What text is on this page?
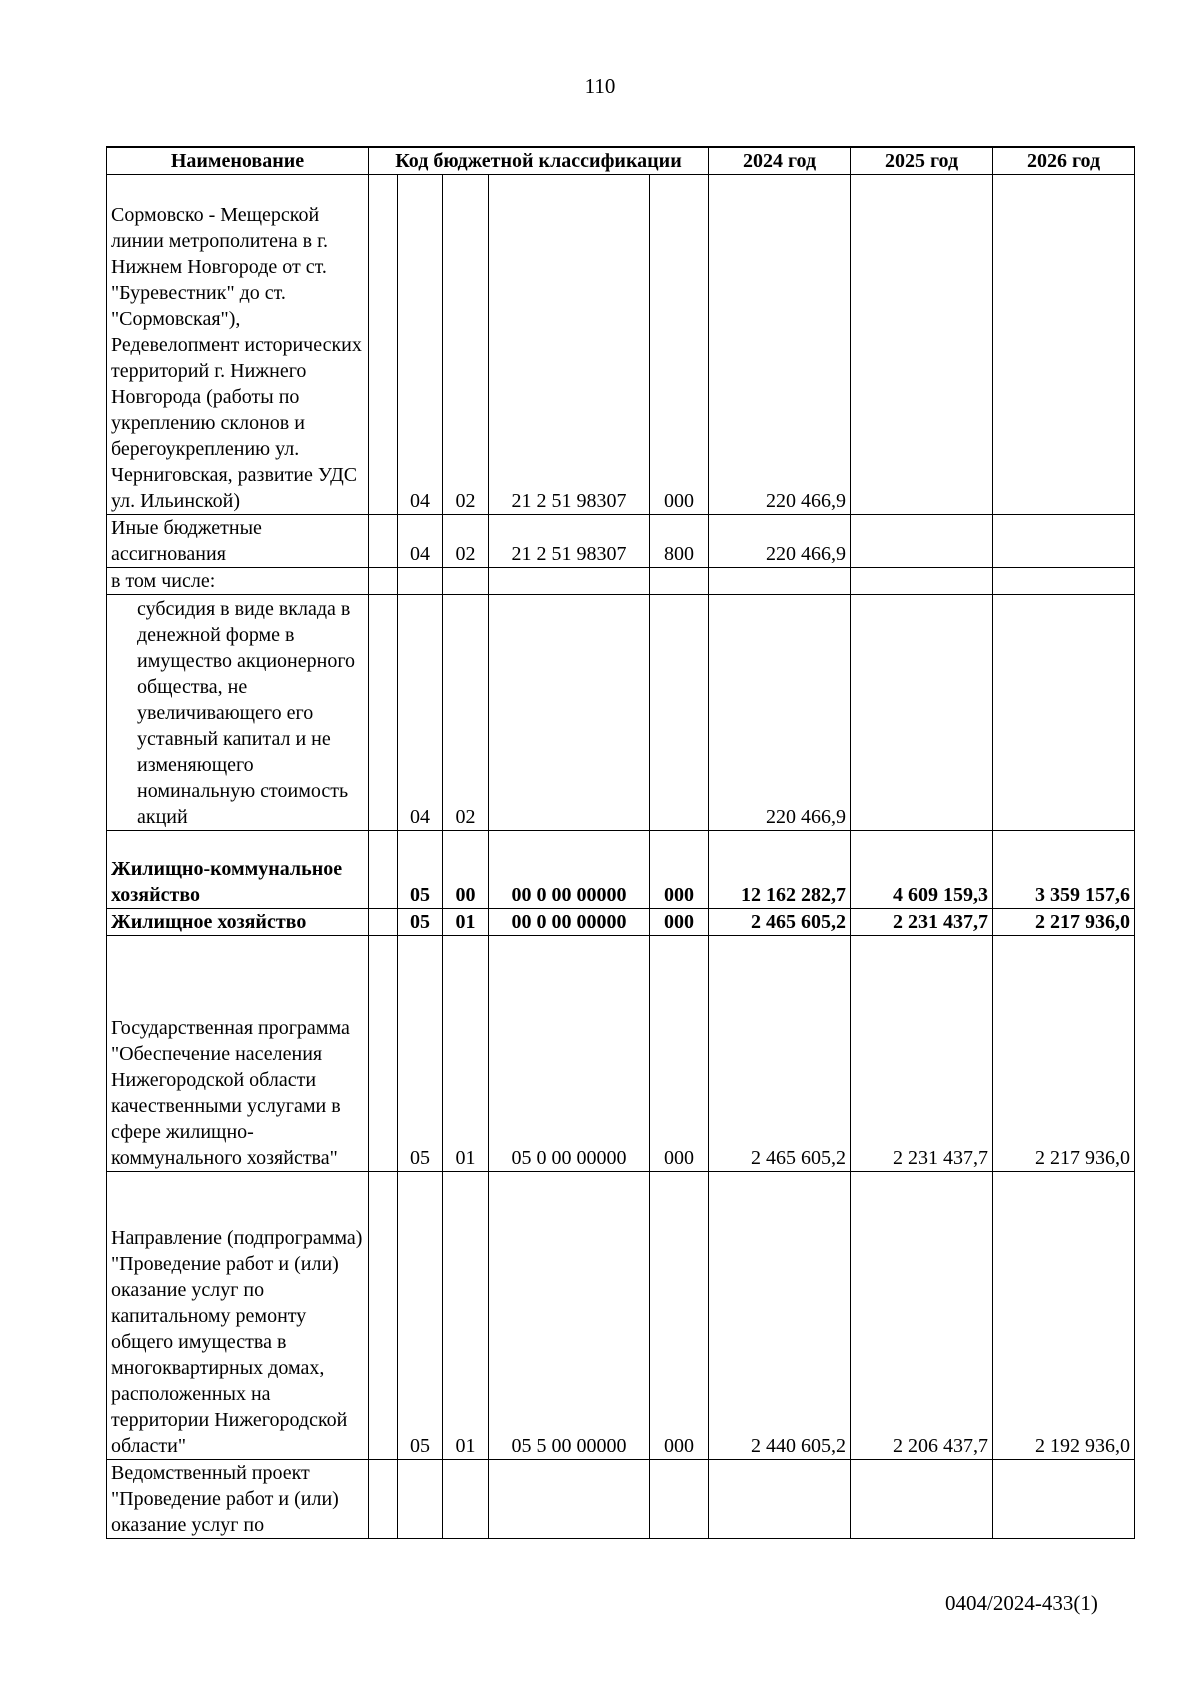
110
Наименование	Код бюджетной классификации					2024 год	2025 год	2026 год
Сормовско - Мещерской линии метрополитена в г. Нижнем Новгороде от ст. "Буревестник" до ст. "Сормовская"), Редевелопмент исторических территорий г. Нижнего Новгорода (работы по укреплению склонов и берегоукреплению ул. Черниговская, развитие УДС ул. Ильинской)		04	02	21 2 51 98307	000	220 466,9		
Иные бюджетные ассигнования		04	02	21 2 51 98307	800	220 466,9		
в том числе:								
субсидия в виде вклада в денежной форме в имущество акционерного общества, не увеличивающего его уставный капитал и не изменяющего номинальную стоимость акций		04	02			220 466,9		
Жилищно-коммунальное хозяйство		05	00	00 0 00 00000	000	12 162 282,7	4 609 159,3	3 359 157,6
Жилищное хозяйство		05	01	00 0 00 00000	000	2 465 605,2	2 231 437,7	2 217 936,0
Государственная программа "Обеспечение населения Нижегородской области качественными услугами в сфере жилищно-коммунального хозяйства"		05	01	05 0 00 00000	000	2 465 605,2	2 231 437,7	2 217 936,0
Направление (подпрограмма) "Проведение работ и (или) оказание услуг по капитальному ремонту общего имущества в многоквартирных домах, расположенных на территории Нижегородской области"		05	01	05 5 00 00000	000	2 440 605,2	2 206 437,7	2 192 936,0
Ведомственный проект "Проведение работ и (или) оказание услуг по								
0404/2024-433(1)
